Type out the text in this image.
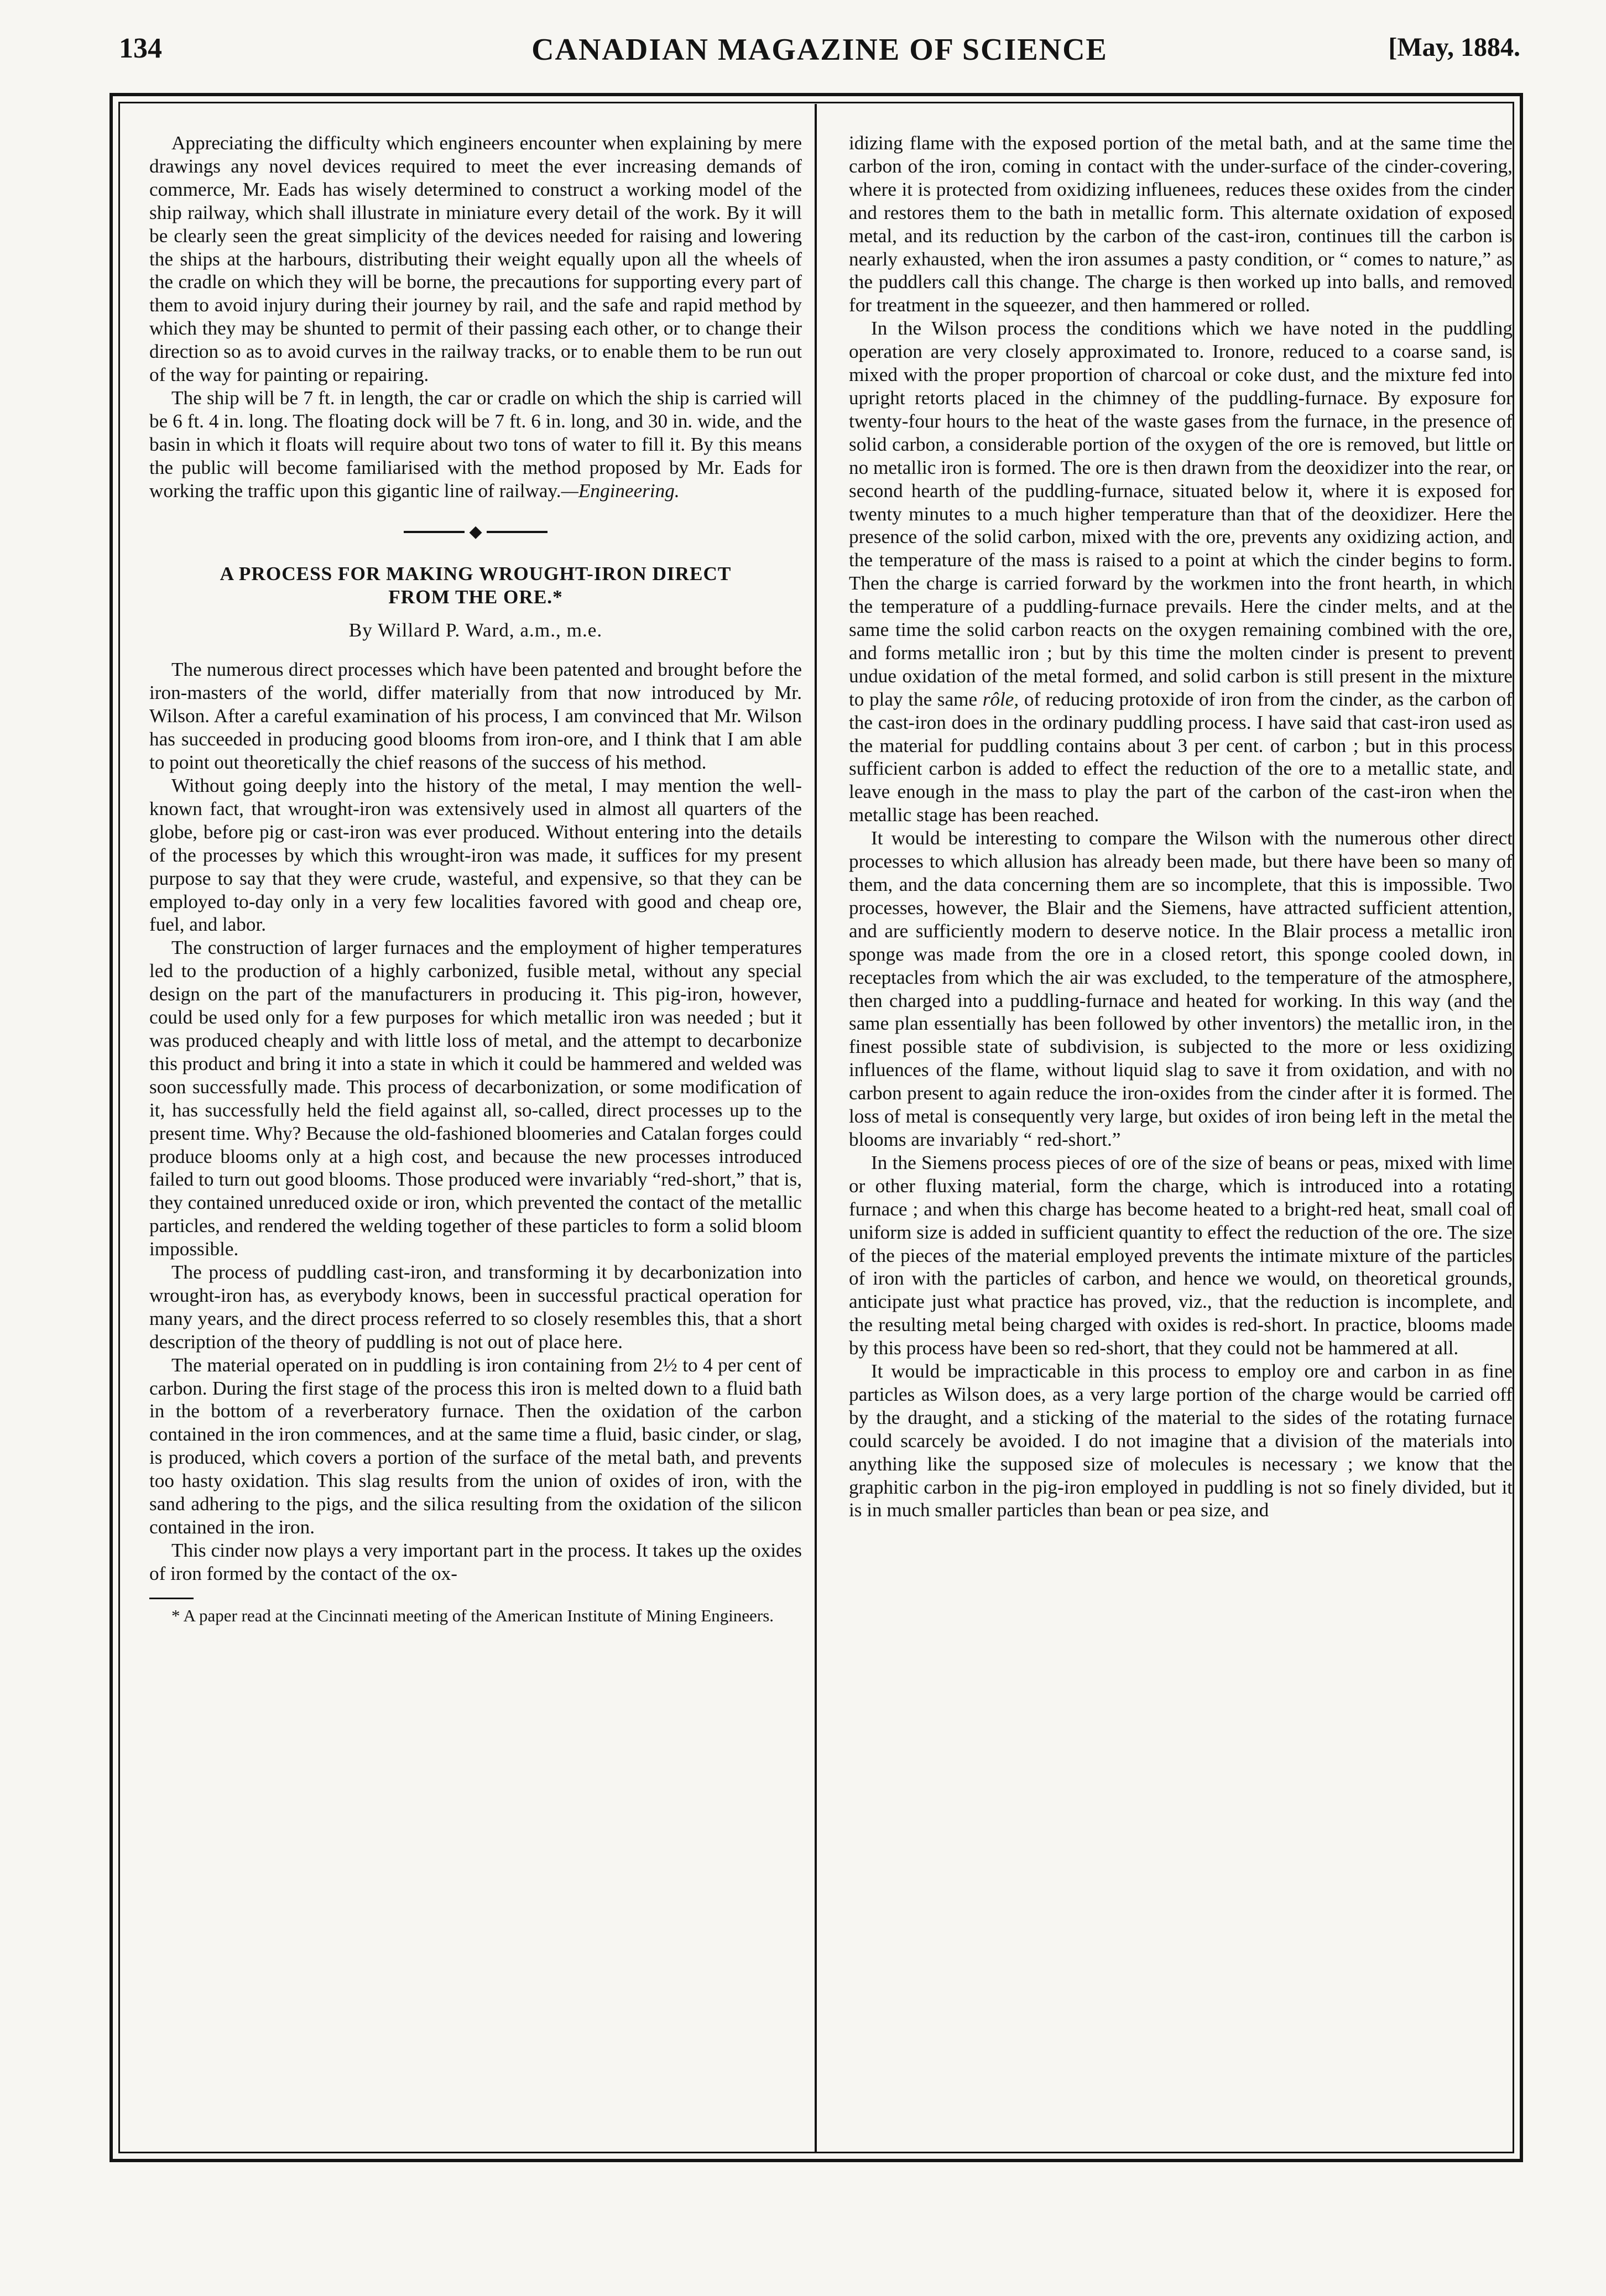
134	CANADIAN MAGAZINE OF SCIENCE	[May, 1884.

Appreciating the difficulty which engineers encounter when explaining by mere drawings any novel devices required to meet the ever increasing demands of commerce, Mr. Eads has wisely determined to construct a working model of the ship railway, which shall illustrate in miniature every detail of the work. By it will be clearly seen the great simplicity of the devices needed for raising and lowering the ships at the harbours, distributing their weight equally upon all the wheels of the cradle on which they will be borne, the precautions for supporting every part of them to avoid injury during their journey by rail, and the safe and rapid method by which they may be shunted to permit of their passing each other, or to change their direction so as to avoid curves in the railway tracks, or to enable them to be run out of the way for painting or repairing.

The ship will be 7 ft. in length, the car or cradle on which the ship is carried will be 6 ft. 4 in. long. The floating dock will be 7 ft. 6 in. long, and 30 in. wide, and the basin in which it floats will require about two tons of water to fill it. By this means the public will become familiarised with the method proposed by Mr. Eads for working the traffic upon this gigantic line of railway.—Engineering.

◆
A PROCESS FOR MAKING WROUGHT-IRON DIRECT
FROM THE ORE.*
By Willard P. Ward, a.m., m.e.

The numerous direct processes which have been patented and brought before the iron-masters of the world, differ materially from that now introduced by Mr. Wilson. After a careful examination of his process, I am convinced that Mr. Wilson has succeeded in producing good blooms from iron-ore, and I think that I am able to point out theoretically the chief reasons of the success of his method.

Without going deeply into the history of the metal, I may mention the well-known fact, that wrought-iron was extensively used in almost all quarters of the globe, before pig or cast-iron was ever produced. Without entering into the details of the processes by which this wrought-iron was made, it suffices for my present purpose to say that they were crude, wasteful, and expensive, so that they can be employed to-day only in a very few localities favored with good and cheap ore, fuel, and labor.

The construction of larger furnaces and the employment of higher temperatures led to the production of a highly carbonized, fusible metal, without any special design on the part of the manufacturers in producing it. This pig-iron, however, could be used only for a few purposes for which metallic iron was needed ; but it was produced cheaply and with little loss of metal, and the attempt to decarbonize this product and bring it into a state in which it could be hammered and welded was soon successfully made. This process of decarbonization, or some modification of it, has successfully held the field against all, so-called, direct processes up to the present time. Why? Because the old-fashioned bloomeries and Catalan forges could produce blooms only at a high cost, and because the new processes introduced failed to turn out good blooms. Those produced were invariably “red-short,” that is, they contained unreduced oxide or iron, which prevented the contact of the metallic particles, and rendered the welding together of these particles to form a solid bloom impossible.

The process of puddling cast-iron, and transforming it by decarbonization into wrought-iron has, as everybody knows, been in successful practical operation for many years, and the direct process referred to so closely resembles this, that a short description of the theory of puddling is not out of place here.

The material operated on in puddling is iron containing from 2½ to 4 per cent of carbon. During the first stage of the process this iron is melted down to a fluid bath in the bottom of a reverberatory furnace. Then the oxidation of the carbon contained in the iron commences, and at the same time a fluid, basic cinder, or slag, is produced, which covers a portion of the surface of the metal bath, and prevents too hasty oxidation. This slag results from the union of oxides of iron, with the sand adhering to the pigs, and the silica resulting from the oxidation of the silicon contained in the iron.

This cinder now plays a very important part in the process. It takes up the oxides of iron formed by the contact of the ox-

* A paper read at the Cincinnati meeting of the American Institute of Mining Engineers.

idizing flame with the exposed portion of the metal bath, and at the same time the carbon of the iron, coming in contact with the under-surface of the cinder-covering, where it is protected from oxidizing influenees, reduces these oxides from the cinder and restores them to the bath in metallic form. This alternate oxidation of exposed metal, and its reduction by the carbon of the cast-iron, continues till the carbon is nearly exhausted, when the iron assumes a pasty condition, or “ comes to nature,” as the puddlers call this change. The charge is then worked up into balls, and removed for treatment in the squeezer, and then hammered or rolled.

In the Wilson process the conditions which we have noted in the puddling operation are very closely approximated to. Ironore, reduced to a coarse sand, is mixed with the proper proportion of charcoal or coke dust, and the mixture fed into upright retorts placed in the chimney of the puddling-furnace. By exposure for twenty-four hours to the heat of the waste gases from the furnace, in the presence of solid carbon, a considerable portion of the oxygen of the ore is removed, but little or no metallic iron is formed. The ore is then drawn from the deoxidizer into the rear, or second hearth of the puddling-furnace, situated below it, where it is exposed for twenty minutes to a much higher temperature than that of the deoxidizer. Here the presence of the solid carbon, mixed with the ore, prevents any oxidizing action, and the temperature of the mass is raised to a point at which the cinder begins to form. Then the charge is carried forward by the workmen into the front hearth, in which the temperature of a puddling-furnace prevails. Here the cinder melts, and at the same time the solid carbon reacts on the oxygen remaining combined with the ore, and forms metallic iron ; but by this time the molten cinder is present to prevent undue oxidation of the metal formed, and solid carbon is still present in the mixture to play the same rôle, of reducing protoxide of iron from the cinder, as the carbon of the cast-iron does in the ordinary puddling process. I have said that cast-iron used as the material for puddling contains about 3 per cent. of carbon ; but in this process sufficient carbon is added to effect the reduction of the ore to a metallic state, and leave enough in the mass to play the part of the carbon of the cast-iron when the metallic stage has been reached.

It would be interesting to compare the Wilson with the numerous other direct processes to which allusion has already been made, but there have been so many of them, and the data concerning them are so incomplete, that this is impossible. Two processes, however, the Blair and the Siemens, have attracted sufficient attention, and are sufficiently modern to deserve notice. In the Blair process a metallic iron sponge was made from the ore in a closed retort, this sponge cooled down, in receptacles from which the air was excluded, to the temperature of the atmosphere, then charged into a puddling-furnace and heated for working. In this way (and the same plan essentially has been followed by other inventors) the metallic iron, in the finest possible state of subdivision, is subjected to the more or less oxidizing influences of the flame, without liquid slag to save it from oxidation, and with no carbon present to again reduce the iron-oxides from the cinder after it is formed. The loss of metal is consequently very large, but oxides of iron being left in the metal the blooms are invariably “ red-short.”

In the Siemens process pieces of ore of the size of beans or peas, mixed with lime or other fluxing material, form the charge, which is introduced into a rotating furnace ; and when this charge has become heated to a bright-red heat, small coal of uniform size is added in sufficient quantity to effect the reduction of the ore. The size of the pieces of the material employed prevents the intimate mixture of the particles of iron with the particles of carbon, and hence we would, on theoretical grounds, anticipate just what practice has proved, viz., that the reduction is incomplete, and the resulting metal being charged with oxides is red-short. In practice, blooms made by this process have been so red-short, that they could not be hammered at all.

It would be impracticable in this process to employ ore and carbon in as fine particles as Wilson does, as a very large portion of the charge would be carried off by the draught, and a sticking of the material to the sides of the rotating furnace could scarcely be avoided. I do not imagine that a division of the materials into anything like the supposed size of molecules is necessary ; we know that the graphitic carbon in the pig-iron employed in puddling is not so finely divided, but it is in much smaller particles than bean or pea size, and
